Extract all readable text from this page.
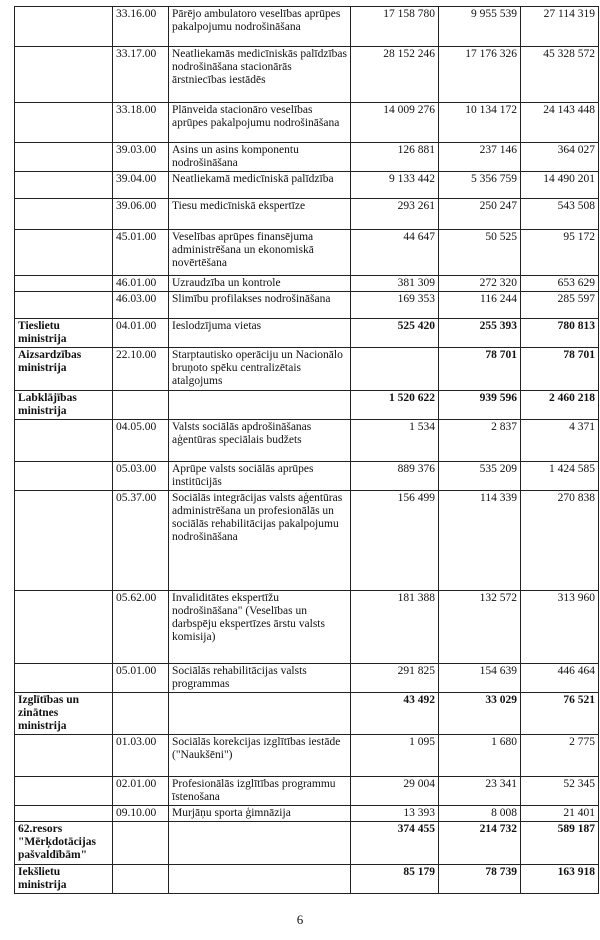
	33.16.00	Pārējo ambulatoro veselības aprūpes pakalpojumu nodrošināšana	17 158 780	9 955 539	27 114 319
	33.17.00	Neatliekamās medicīniskās palīdzības nodrošināšana stacionārās ārstniecības iestādēs	28 152 246	17 176 326	45 328 572
	33.18.00	Plānveida stacionāro veselības aprūpes pakalpojumu nodrošināšana	14 009 276	10 134 172	24 143 448
	39.03.00	Asins un asins komponentu nodrošināšana	126 881	237 146	364 027
	39.04.00	Neatliekamā medicīniskā palīdzība	9 133 442	5 356 759	14 490 201
	39.06.00	Tiesu medicīniskā ekspertīze	293 261	250 247	543 508
	45.01.00	Veselības aprūpes finansējuma administrēšana un ekonomiskā novērtēšana	44 647	50 525	95 172
	46.01.00	Uzraudzība un kontrole	381 309	272 320	653 629
	46.03.00	Slimību profilakses nodrošināšana	169 353	116 244	285 597
Tieslietu ministrija	04.01.00	Ieslodzījuma vietas	525 420	255 393	780 813
Aizsardzības ministrija	22.10.00	Starptautisko operāciju un Nacionālo bruņoto spēku centralizētais atalgojums		78 701	78 701
Labklājības ministrija			1 520 622	939 596	2 460 218
	04.05.00	Valsts sociālās apdrošināšanas aģentūras speciālais budžets	1 534	2 837	4 371
	05.03.00	Aprūpe valsts sociālās aprūpes institūcijās	889 376	535 209	1 424 585
	05.37.00	Sociālās integrācijas valsts aģentūras administrēšana un profesionālās un sociālās rehabilitācijas pakalpojumu nodrošināšana	156 499	114 339	270 838
	05.62.00	Invaliditātes ekspertīžu nodrošināšana" (Veselības un darbspēju ekspertīzes ārstu valsts komisija)	181 388	132 572	313 960
	05.01.00	Sociālās rehabilitācijas valsts programmas	291 825	154 639	446 464
Izglītības un zinātnes ministrija			43 492	33 029	76 521
	01.03.00	Sociālās korekcijas izglītības iestāde ("Naukšēni")	1 095	1 680	2 775
	02.01.00	Profesionālās izglītības programmu īstenošana	29 004	23 341	52 345
	09.10.00	Murjāņu sporta ģimnāzija	13 393	8 008	21 401
62.resors "Mērķdotācijas pašvaldībām"			374 455	214 732	589 187
Iekšlietu ministrija			85 179	78 739	163 918
6
